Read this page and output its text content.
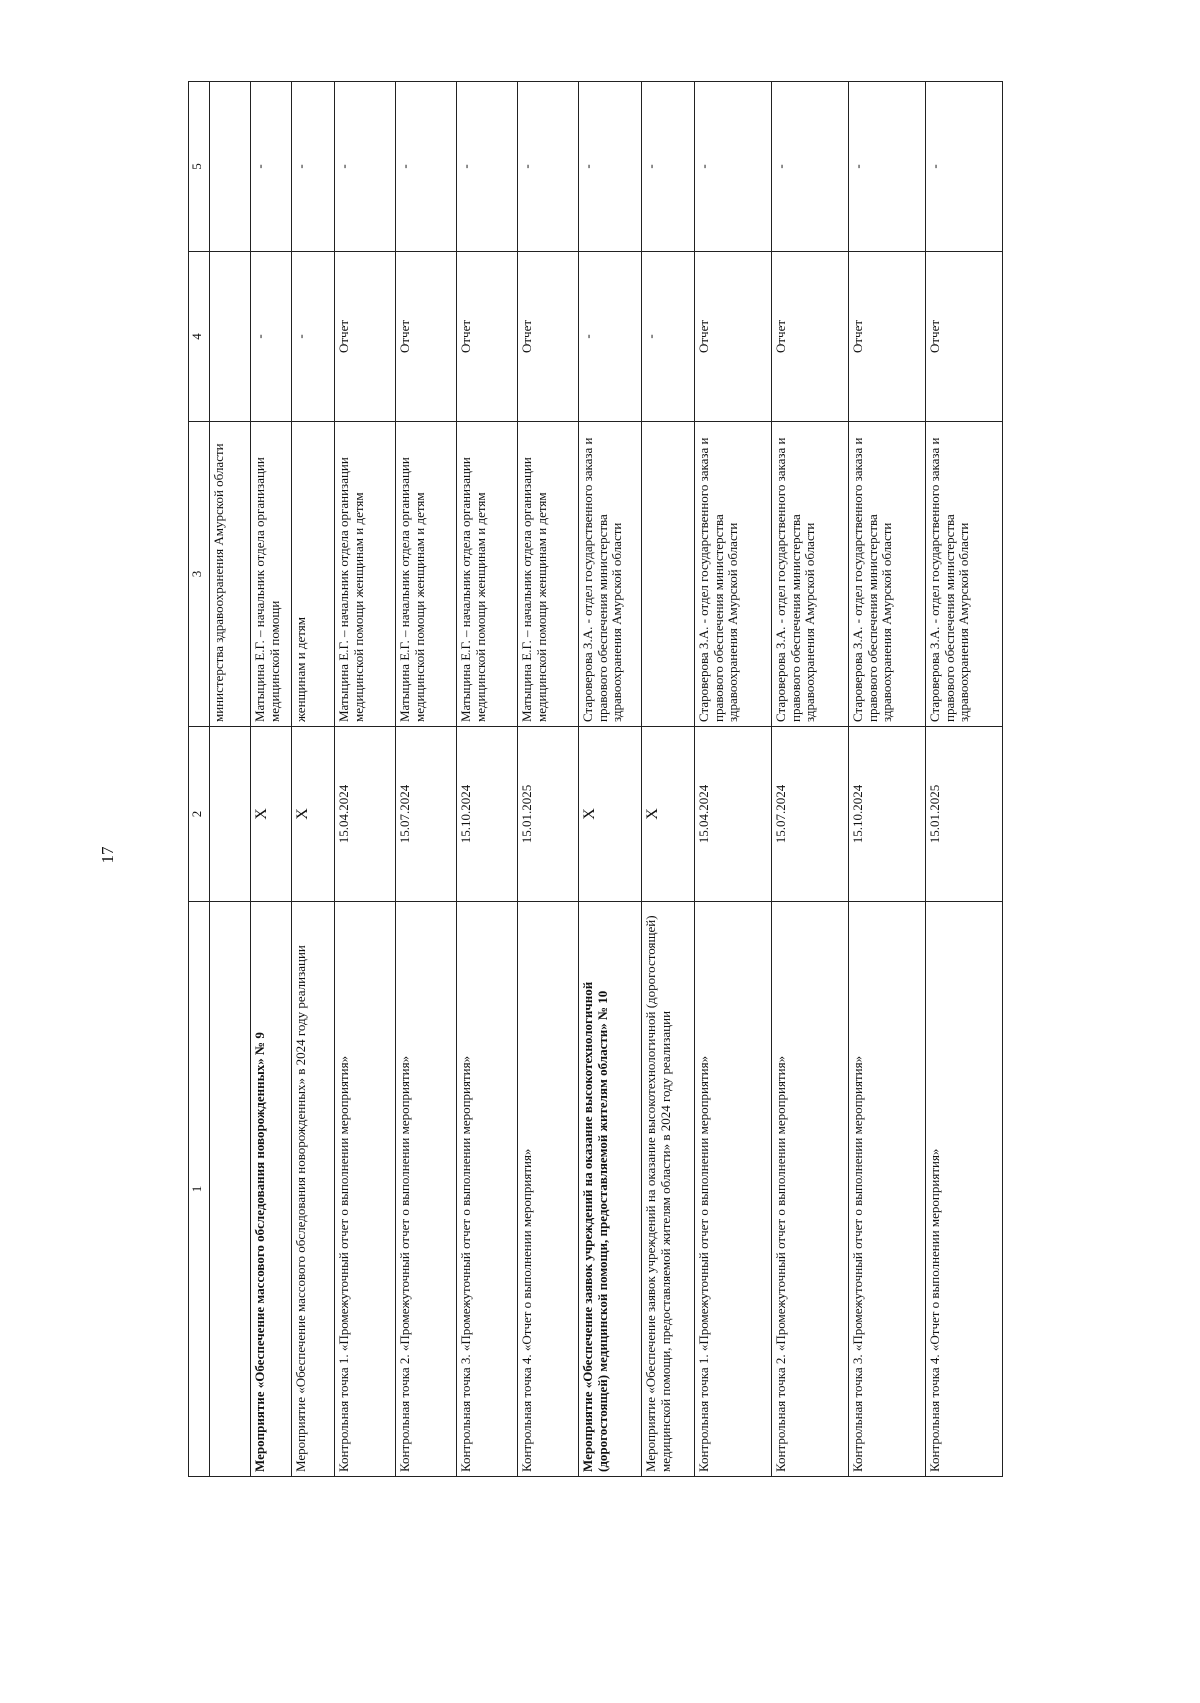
17
1	2	3	4	5
		министерства здравоохранения Амурской области		
Мероприятие «Обеспечение массового обследования новорожденных» № 9	X	Матыцина Е.Г. – начальник отдела организации медицинской помощи	-	-
Мероприятие «Обеспечение массового обследования новорожденных» в 2024 году реализации	X	женщинам и детям	-	-
Контрольная точка 1. «Промежуточный отчет о выполнении мероприятия»	15.04.2024	Матыцина Е.Г. – начальник отдела организации медицинской помощи женщинам и детям	Отчет	-
Контрольная точка 2. «Промежуточный отчет о выполнении мероприятия»	15.07.2024	Матыцина Е.Г. – начальник отдела организации медицинской помощи женщинам и детям	Отчет	-
Контрольная точка 3. «Промежуточный отчет о выполнении мероприятия»	15.10.2024	Матыцина Е.Г. – начальник отдела организации медицинской помощи женщинам и детям	Отчет	-
Контрольная точка 4. «Отчет о выполнении мероприятия»	15.01.2025	Матыцина Е.Г. – начальник отдела организации медицинской помощи женщинам и детям	Отчет	-
Мероприятие «Обеспечение заявок учреждений на оказание высокотехнологичной (дорогостоящей) медицинской помощи, предоставляемой жителям области» № 10	X	Староверова З.А. - отдел государственного заказа и правового обеспечения министерства здравоохранения Амурской области	-	-
Мероприятие «Обеспечение заявок учреждений на оказание высокотехнологичной (дорогостоящей) медицинской помощи, предоставляемой жителям области» в 2024 году реализации	X		-	-
Контрольная точка 1. «Промежуточный отчет о выполнении мероприятия»	15.04.2024	Староверова З.А. - отдел государственного заказа и правового обеспечения министерства здравоохранения Амурской области	Отчет	-
Контрольная точка 2. «Промежуточный отчет о выполнении мероприятия»	15.07.2024	Староверова З.А. - отдел государственного заказа и правового обеспечения министерства здравоохранения Амурской области	Отчет	-
Контрольная точка 3. «Промежуточный отчет о выполнении мероприятия»	15.10.2024	Староверова З.А. - отдел государственного заказа и правового обеспечения министерства здравоохранения Амурской области	Отчет	-
Контрольная точка 4. «Отчет о выполнении мероприятия»	15.01.2025	Староверова З.А. - отдел государственного заказа и правового обеспечения министерства здравоохранения Амурской области	Отчет	-
